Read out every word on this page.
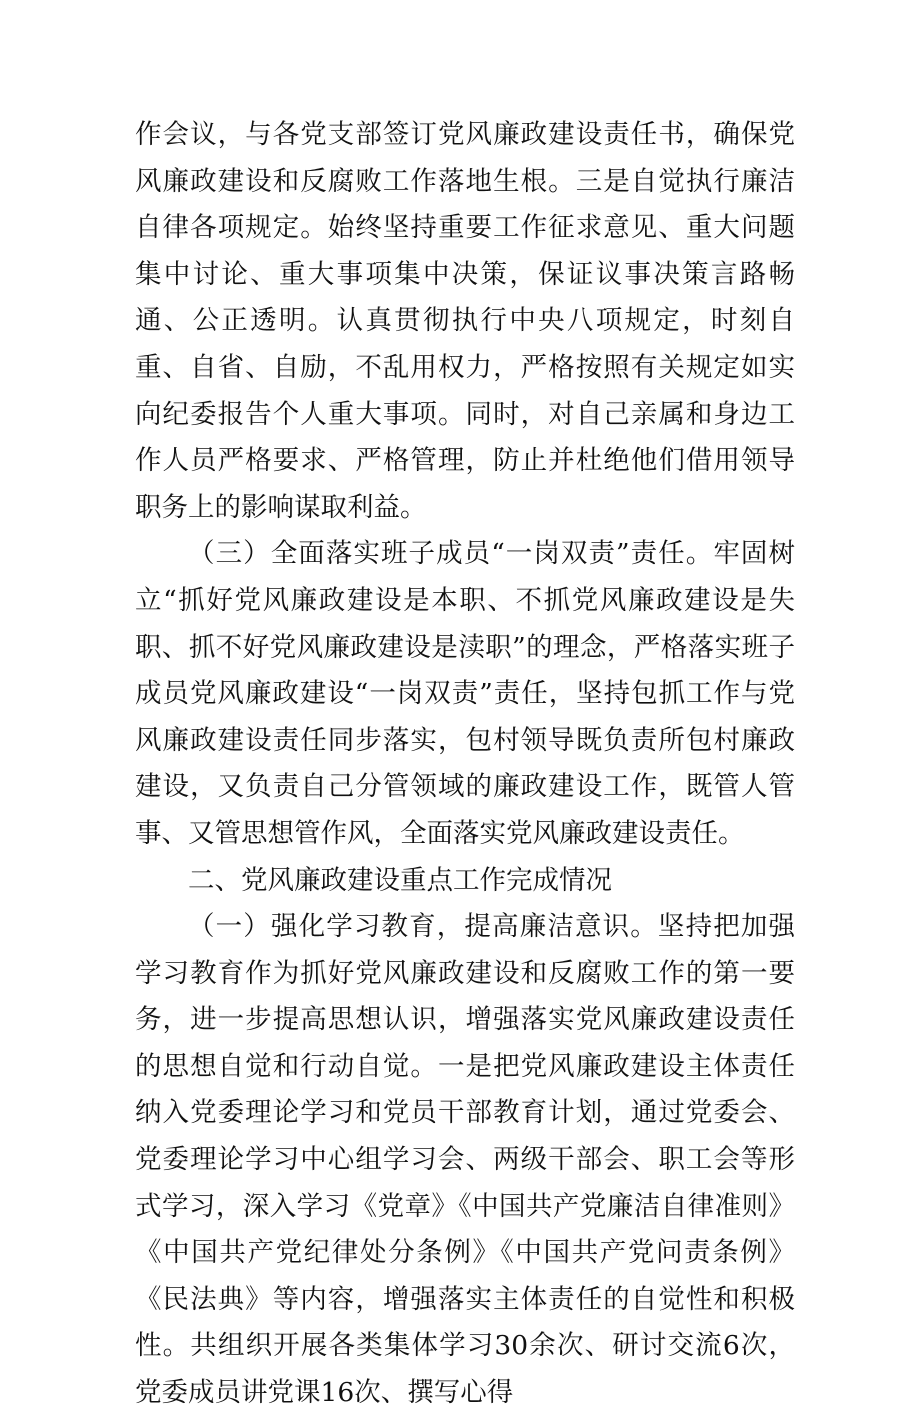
作会议，与各党支部签订党风廉政建设责任书，确保党风廉政建设和反腐败工作落地生根。三是自觉执行廉洁自律各项规定。始终坚持重要工作征求意见、重大问题集中讨论、重大事项集中决策，保证议事决策言路畅通、公正透明。认真贯彻执行中央八项规定，时刻自重、自省、自励，不乱用权力，严格按照有关规定如实向纪委报告个人重大事项。同时，对自己亲属和身边工作人员严格要求、严格管理，防止并杜绝他们借用领导职务上的影响谋取利益。

（三）全面落实班子成员“一岗双责”责任。牢固树立“抓好党风廉政建设是本职、不抓党风廉政建设是失职、抓不好党风廉政建设是渎职”的理念，严格落实班子成员党风廉政建设“一岗双责”责任，坚持包抓工作与党风廉政建设责任同步落实，包村领导既负责所包村廉政建设，又负责自己分管领域的廉政建设工作，既管人管事、又管思想管作风，全面落实党风廉政建设责任。

二、党风廉政建设重点工作完成情况

（一）强化学习教育，提高廉洁意识。坚持把加强学习教育作为抓好党风廉政建设和反腐败工作的第一要务，进一步提高思想认识，增强落实党风廉政建设责任的思想自觉和行动自觉。一是把党风廉政建设主体责任纳入党委理论学习和党员干部教育计划，通过党委会、党委理论学习中心组学习会、两级干部会、职工会等形式学习，深入学习《党章》《中国共产党廉洁自律准则》《中国共产党纪律处分条例》《中国共产党问责条例》《民法典》等内容，增强落实主体责任的自觉性和积极性。共组织开展各类集体学习30余次、研讨交流6次，党委成员讲党课16次、撰写心得
